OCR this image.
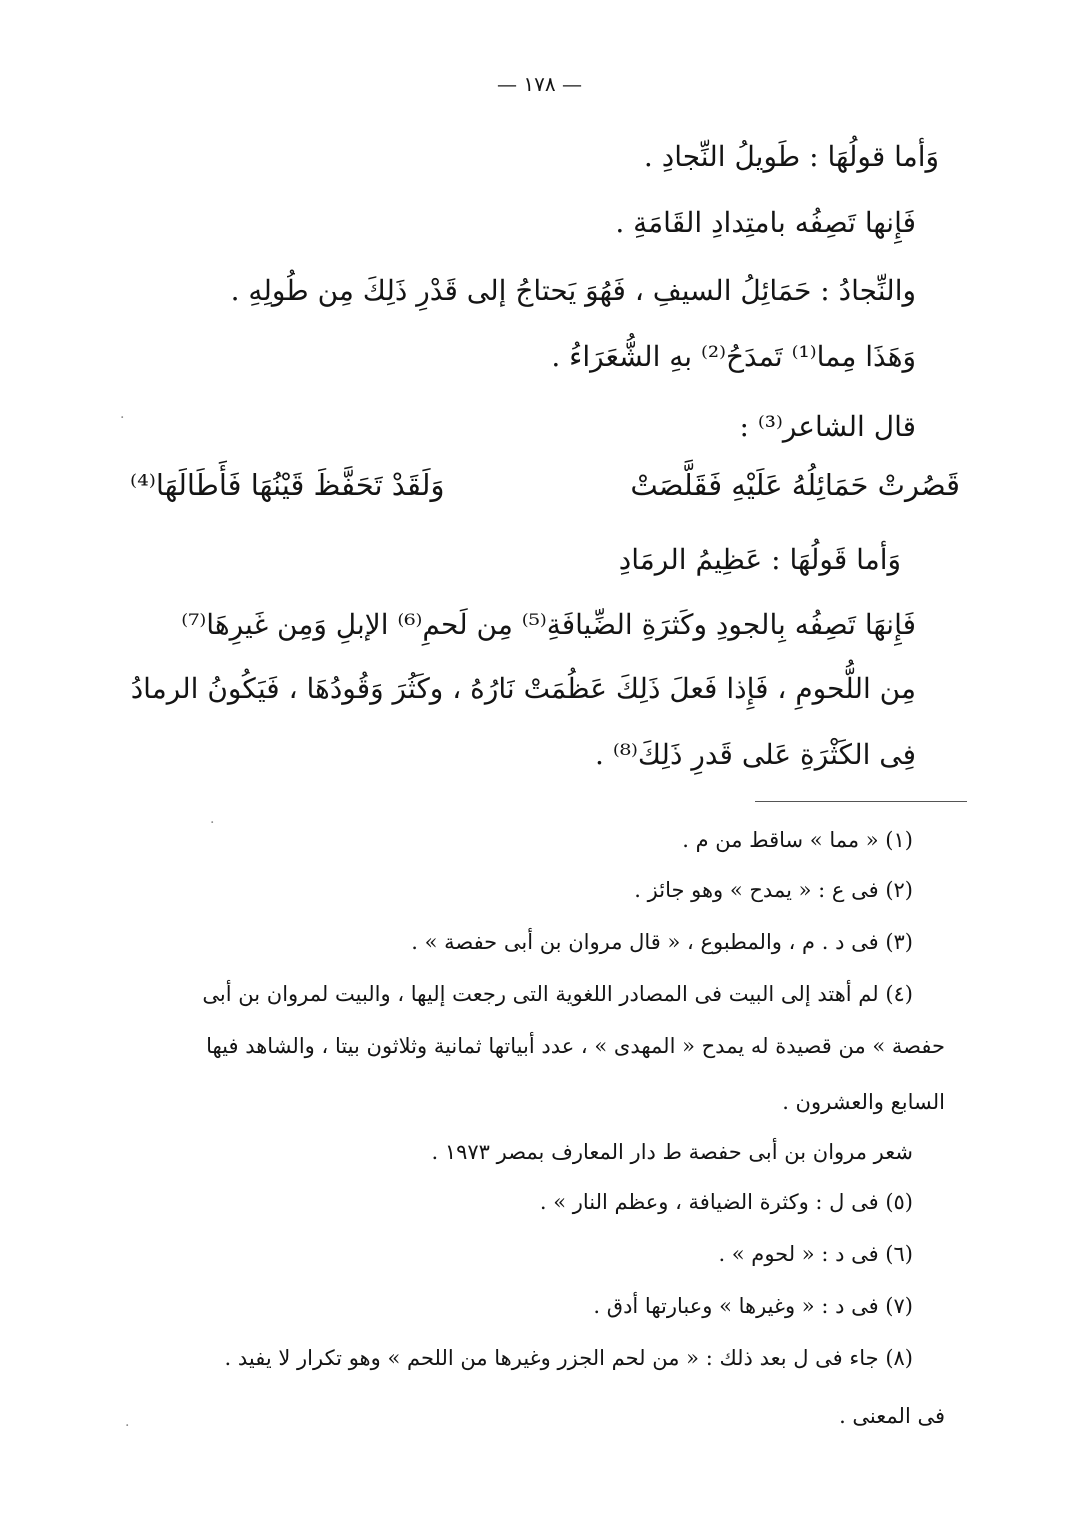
— ١٧٨ —
وَأما قولُهَا : طَويلُ النِّجادِ .
فَإِنها تَصِفُه بامتِدادِ القَامَةِ .
والنِّجادُ : حَمَائِلُ السيفِ ، فَهُوَ يَحتاجُ إلى قَدْرِ ذَلِكَ مِن طُولِهِ .
وَهَذَا مِما⁽¹⁾ تَمدَحُ⁽²⁾ بهِ الشُّعَرَاءُ .
قال الشاعر⁽³⁾ :
قَصُرتْ حَمَائِلُهُ عَلَيْهِ فَقَلَّصَتْ
وَلَقَدْ تَحَفَّظَ قَيْنُهَا فَأَطَالَهَا⁽⁴⁾
وَأما قَولُهَا : عَظِيمُ الرمَادِ
فَإِنهَا تَصِفُه بِالجودِ وكَثرَةِ الضِّيافَةِ⁽⁵⁾ مِن لَحمِ⁽⁶⁾ الإبلِ وَمِن غَيرِهَا⁽⁷⁾
مِن اللُّحومِ ، فَإِذا فَعلَ ذَلِكَ عَظُمَتْ نَارُهُ ، وكَثُرَ وَقُودُهَا ، فَيَكُونُ الرمادُ
فِى الكَثْرَةِ عَلى قَدرِ ذَلِكَ⁽⁸⁾ .
(١) « مما » ساقط من م .
(٢) فى ع : « يمدح » وهو جائز .
(٣) فى د . م ، والمطبوع ، « قال مروان بن أبى حفصة » .
(٤) لم أهتد إلى البيت فى المصادر اللغوية التى رجعت إليها ، والبيت لمروان بن أبى
حفصة » من قصيدة له يمدح « المهدى » ، عدد أبياتها ثمانية وثلاثون بيتا ، والشاهد فيها
السابع والعشرون .
شعر مروان بن أبى حفصة ط دار المعارف بمصر ١٩٧٣ .
(٥) فى ل : وكثرة الضيافة ، وعظم النار » .
(٦) فى د : « لحوم » .
(٧) فى د : « وغيرها » وعبارتها أدق .
(٨) جاء فى ل بعد ذلك : « من لحم الجزر وغيرها من اللحم » وهو تكرار لا يفيد .
فى المعنى .
·
·
·
